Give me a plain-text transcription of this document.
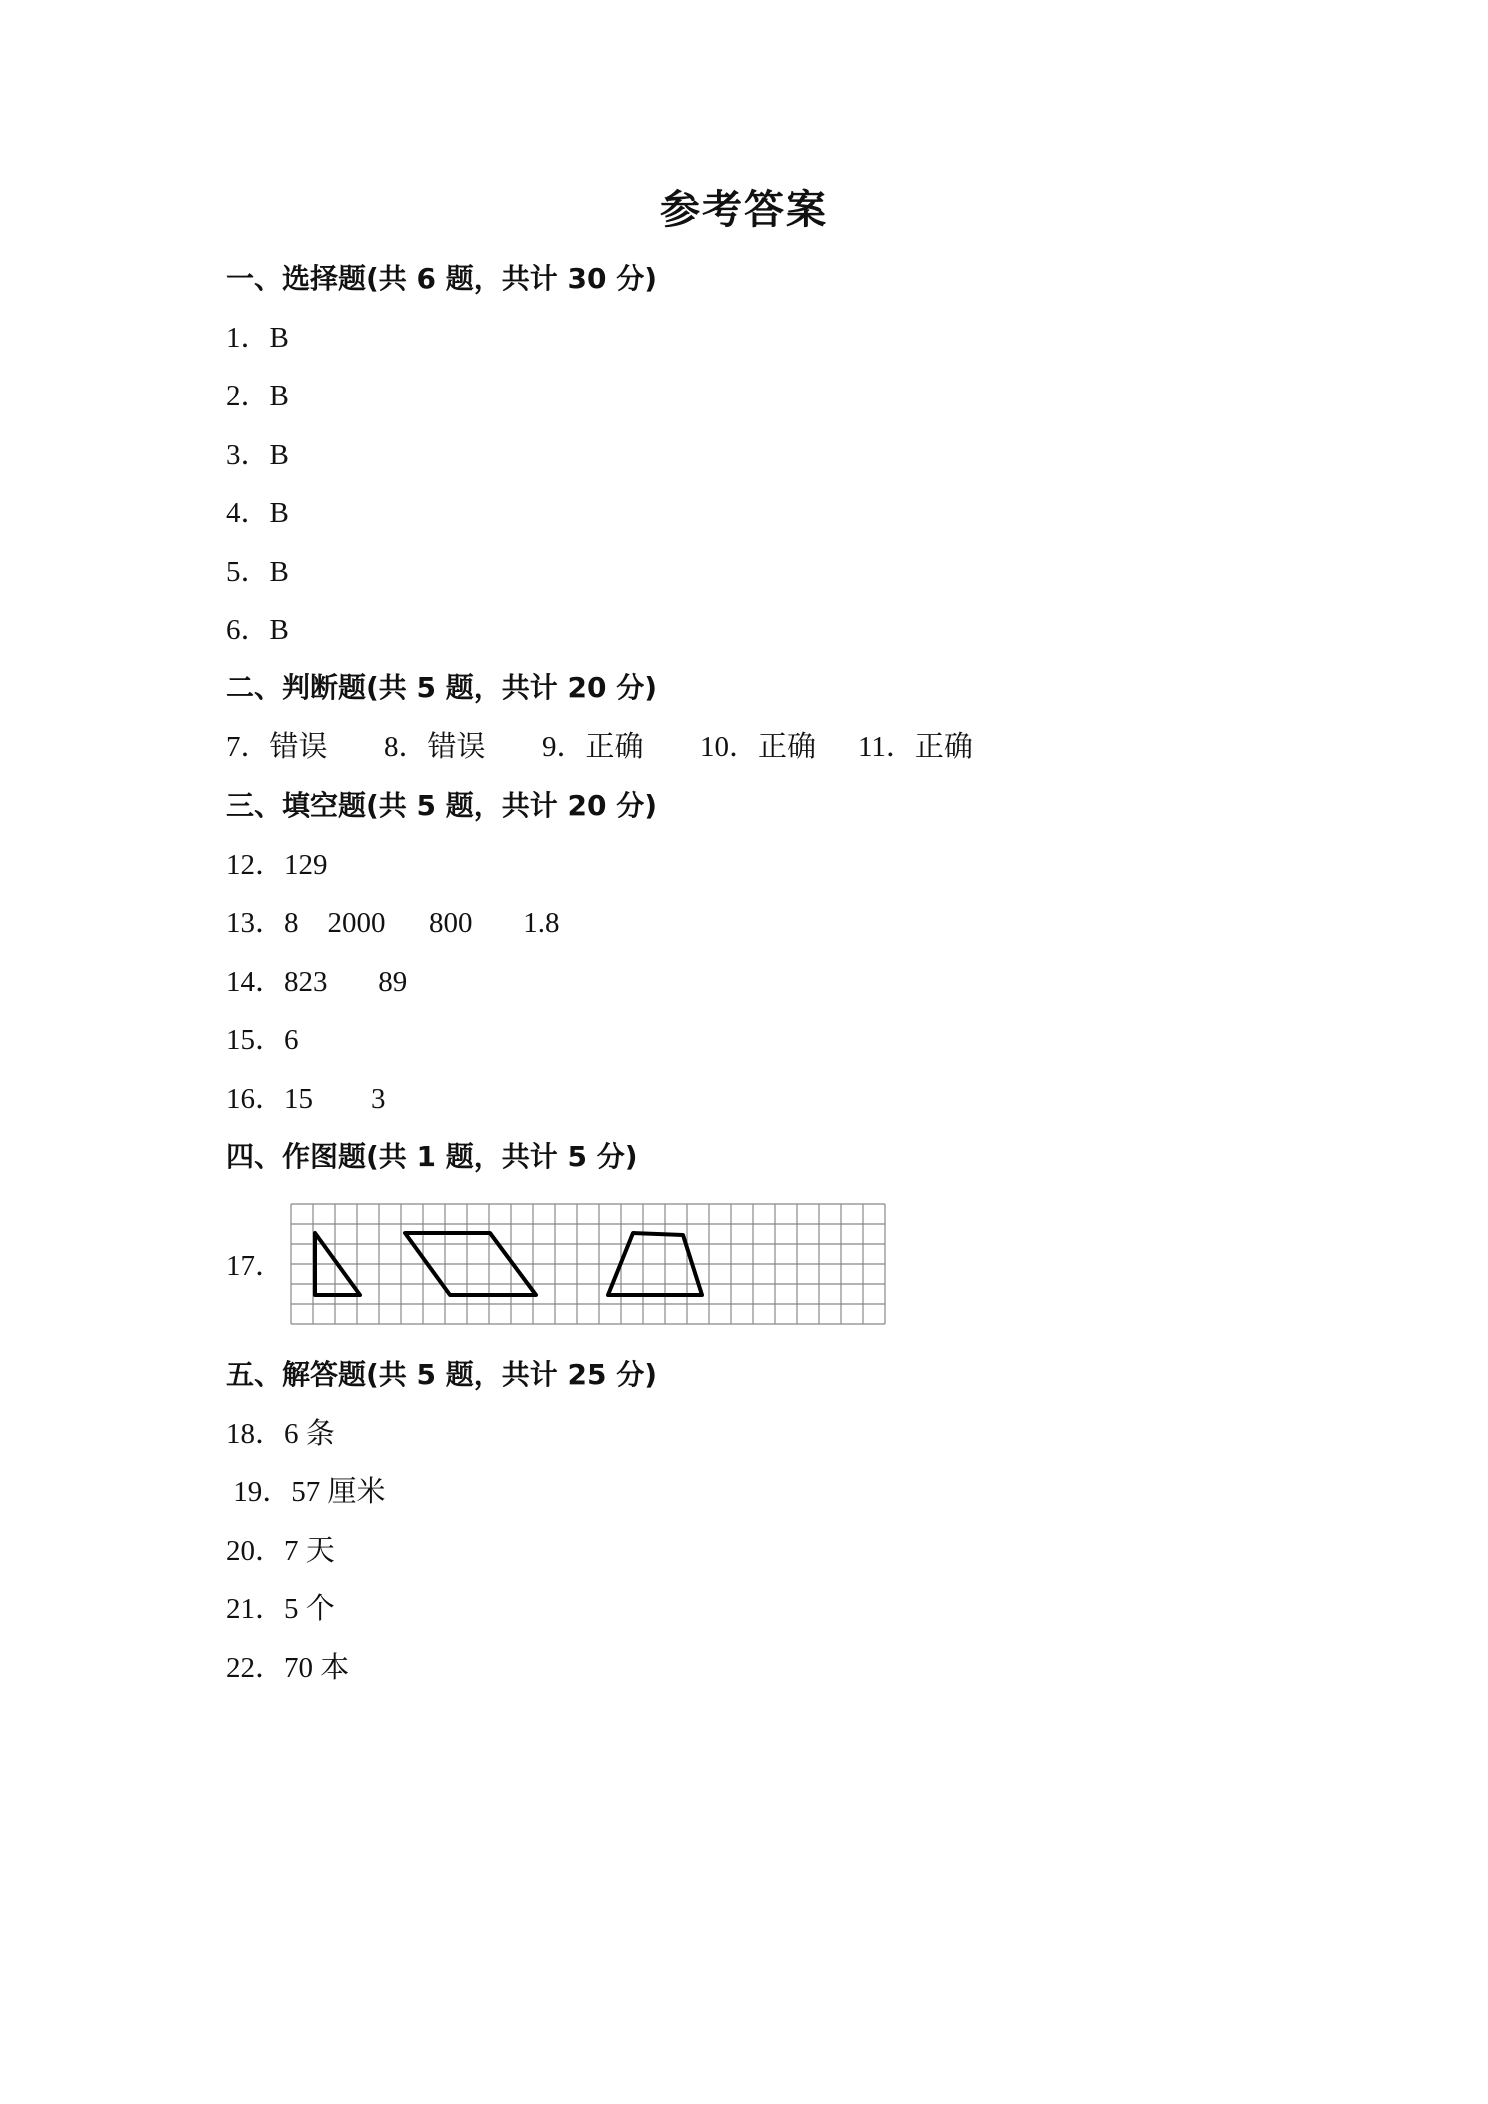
参考答案
一、选择题(共 6 题，共计 30 分)
1．B
2．B
3．B
4．B
5．B
6．B
二、判断题(共 5 题，共计 20 分)
7．错误 8．错误 9．正确 10．正确 11．正确
三、填空题(共 5 题，共计 20 分)
12．129
13．8    2000      800       1.8
14．823       89
15．6
16．15        3
四、作图题(共 1 题，共计 5 分)
17．
五、解答题(共 5 题，共计 25 分)
18．6 条
19．57 厘米
20．7 天
21．5 个
22．70 本
